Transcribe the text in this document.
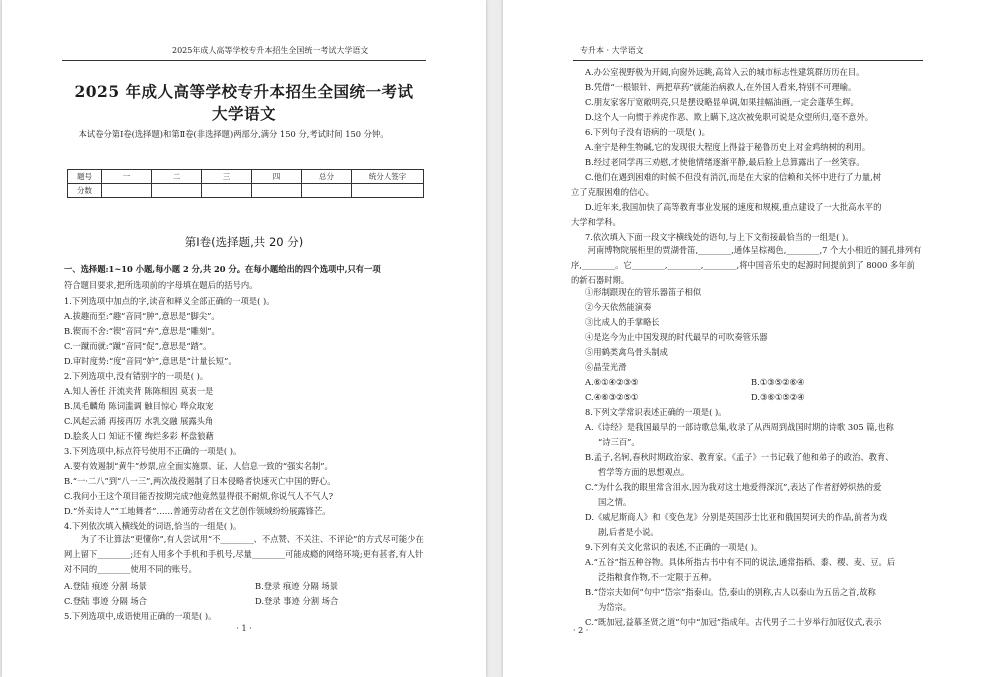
2025年成人高等学校专升本招生全国统一考试大学语文
2025 年成人高等学校专升本招生全国统一考试
大学语文
本试卷分第Ⅰ卷(选择题)和第Ⅱ卷(非选择题)两部分,满分 150 分,考试时间 150 分钟。
题号	一	二	三	四	总分	统分人签字
分数						
第Ⅰ卷(选择题,共 20 分)
一、选择题:1~10 小题,每小题 2 分,共 20 分。在每小题给出的四个选项中,只有一项
符合题目要求,把所选项前的字母填在题后的括号内。
1.下列选项中加点的字,读音和释义全部正确的一项是( )。
A.拔趣而至:“趣”音同“肿”,意思是“脚尖”。
B.锲而不舍:“锲”音同“弃”,意思是“雕刻”。
C.一蹴而就:“蹴”音同“促”,意思是“踏”。
D.审时度势:“度”音同“妒”,意思是“计量长短”。
2.下列选项中,没有错别字的一项是( )。
A.知人善任 汗流夹背 陈陈相因 莫衷一是
B.凤毛麟角 陈词滥调 触目惊心 哗众取宠
C.风起云涌 再接再厉 水乳交融 展露头角
D.脍炙人口 知证不懂 绚烂多彩 杯盘狼藉
3.下列选项中,标点符号使用不正确的一项是( )。
A.要有效遏制“黄牛”炒票,应全面实施票、证、人信息一致的“强实名制”。
B.“一·二八”到“八一三”,两次战役遏制了日本侵略者快速灭亡中国的野心。
C.我问小王这个项目能否按期完成?他竟然显得很不耐烦,你说气人不气人?
D.“外卖诗人”“工地舞者”……普通劳动者在文艺创作领域纷纷展露锋芒。
4.下列依次填入横线处的词语,恰当的一组是( )。
为了不让算法“更懂你”,有人尝试用“不________、不点赞、不关注、不评论”的方式尽可能少在网上留下________;还有人用多个手机和手机号,尽量________可能成瘾的网络环境;更有甚者,有人针对不同的________使用不同的账号。
A.登陆 痕迹 分割 场景	B.登录 痕迹 分隔 场景
C.登陆 事迹 分隔 场合	D.登录 事迹 分割 场合
5.下列选项中,成语使用正确的一项是( )。
· 1 ·
专升本 · 大学语文
A.办公室视野极为开阔,向窗外远眺,高耸入云的城市标志性建筑群历历在目。
B.凭借“一根银针、两把草药”就能治病救人,在外国人看来,特别不可理喻。
C.朋友家客厅宽敞明亮,只是摆设略显单调,如果挂幅油画,一定会蓬荜生辉。
D.这个人一向惯于养虎作恶、欺上瞒下,这次被免职可说是众望所归,毫不意外。
6.下列句子没有语病的一项是( )。
A.奎宁是种生物碱,它的发现很大程度上得益于秘鲁历史上对金鸡纳树的利用。
B.经过老同学再三劝慰,才使他情绪逐渐平静,最后脸上总算露出了一丝笑容。
C.他们在遇到困难的时候不但没有消沉,而是在大家的信赖和关怀中进行了力量,树
立了克服困难的信心。
D.近年来,我国加快了高等教育事业发展的速度和规模,重点建设了一大批高水平的
大学和学科。
7.依次填入下面一段文字横线处的语句,与上下文衔接最恰当的一组是( )。
河南博物院展柜里的贾湖骨笛,________,通体呈棕褐色,________,7 个大小相近的圆孔排列有序,________。它________,________,________,将中国音乐史的起源时间提前到了 8000 多年前的新石器时期。
①形制跟现在的管乐器笛子相似
②今天依然能演奏
③比成人的手掌略长
④是迄今为止中国发现的时代最早的可吹奏管乐器
⑤用鹤类禽鸟骨头制成
⑥晶莹光滑
A.⑥①④②③⑤	B.①③⑤②⑥④
C.④⑥③②⑤①	D.③⑥①⑤②④
8.下列文学常识表述正确的一项是( )。
A.《诗经》是我国最早的一部诗歌总集,收录了从西周到战国时期的诗歌 305 篇,也称
“诗三百”。
B.孟子,名轲,春秋时期政治家、教育家。《孟子》一书记载了他和弟子的政治、教育、
哲学等方面的思想观点。
C.“为什么我的眼里常含泪水,因为我对这土地爱得深沉”,表达了作者舒婷炽热的爱
国之情。
D.《威尼斯商人》和《变色龙》分别是英国莎士比亚和俄国契诃夫的作品,前者为戏
剧,后者是小说。
9.下列有关文化常识的表述,不正确的一项是( )。
A.“五谷”指五种谷物。具体所指古书中有不同的说法,通常指稻、黍、稷、麦、豆。后
泛指粮食作物,不一定限于五种。
B.“岱宗夫如何”句中“岱宗”指泰山。岱,泰山的别称,古人以泰山为五岳之首,故称
为岱宗。
C.“既加冠,益慕圣贤之道”句中“加冠”指成年。古代男子二十岁举行加冠仪式,表示
· 2 ·
